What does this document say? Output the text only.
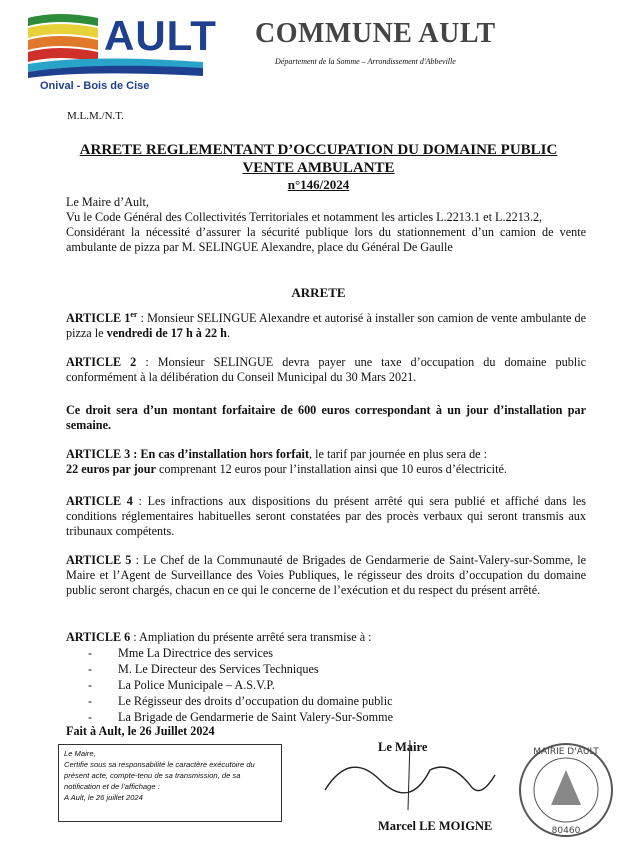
AULT
Onival - Bois de Cise
COMMUNE AULT
Département de la Somme – Arrondissement d'Abbeville
M.L.M./N.T.
ARRETE REGLEMENTANT D’OCCUPATION DU DOMAINE PUBLIC
VENTE AMBULANTE
n°146/2024
Le Maire d’Ault,
Vu le Code Général des Collectivités Territoriales et notamment les articles L.2213.1 et L.2213.2,
Considérant la nécessité d’assurer la sécurité publique lors du stationnement d’un camion de vente ambulante de pizza par M. SELINGUE Alexandre, place du Général De Gaulle
ARRETE
ARTICLE 1er : Monsieur SELINGUE Alexandre et autorisé à installer son camion de vente ambulante de pizza le vendredi de 17 h à 22 h.
ARTICLE 2 : Monsieur SELINGUE devra payer une taxe d’occupation du domaine public conformément à la délibération du Conseil Municipal du 30 Mars 2021.
Ce droit sera d’un montant forfaitaire de 600 euros correspondant à un jour d’installation par semaine.
ARTICLE 3 : En cas d’installation hors forfait, le tarif par journée en plus sera de :
22 euros par jour comprenant 12 euros pour l’installation ainsi que 10 euros d’électricité.
ARTICLE 4 : Les infractions aux dispositions du présent arrêté qui sera publié et affiché dans les conditions réglementaires habituelles seront constatées par des procès verbaux qui seront transmis aux tribunaux compétents.
ARTICLE 5 : Le Chef de la Communauté de Brigades de Gendarmerie de Saint-Valery-sur-Somme, le Maire et l’Agent de Surveillance des Voies Publiques, le régisseur des droits d’occupation du domaine public seront chargés, chacun en ce qui le concerne de l’exécution et du respect du présent arrêté.
ARTICLE 6 : Ampliation du présente arrêté sera transmise à :
- Mme La Directrice des services
- M. Le Directeur des Services Techniques
- La Police Municipale – A.S.V.P.
- Le Régisseur des droits d’occupation du domaine public
- La Brigade de Gendarmerie de Saint Valery-Sur-Somme
Fait à Ault, le 26 Juillet 2024
Le Maire,
Certifie sous sa responsabilité le caractère exécutoire du présent acte, compte-tenu de sa transmission, de sa notification et de l’affichage :
A Ault, le 26 juillet 2024
Le Maire
Marcel LE MOIGNE
MAIRIE D'AULT
80460
